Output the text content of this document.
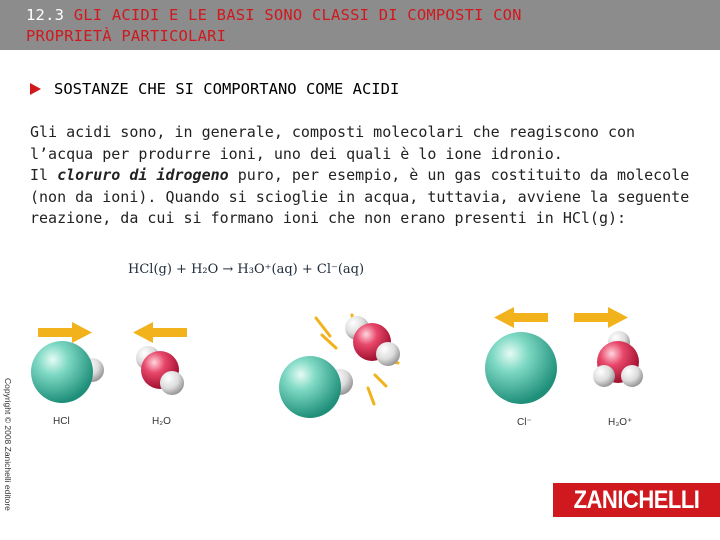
12.3 GLI ACIDI E LE BASI SONO CLASSI DI COMPOSTI CON
PROPRIETÀ PARTICOLARI
SOSTANZE CHE SI COMPORTANO COME ACIDI

Gli acidi sono, in generale, composti molecolari che reagiscono con l’acqua per produrre ioni, uno dei quali è lo ione idronio.

Il cloruro di idrogeno puro, per esempio, è un gas costituito da molecole (non da ioni). Quando si scioglie in acqua, tuttavia, avviene la seguente reazione, da cui si formano ioni che non erano presenti in HCl(g):

HCl(g) + H₂O → H₃O⁺(aq) + Cl⁻(aq)
HCl	H₂O	Cl⁻	H₃O⁺
Copyright © 2008 Zanichelli editore	ZANICHELLI
